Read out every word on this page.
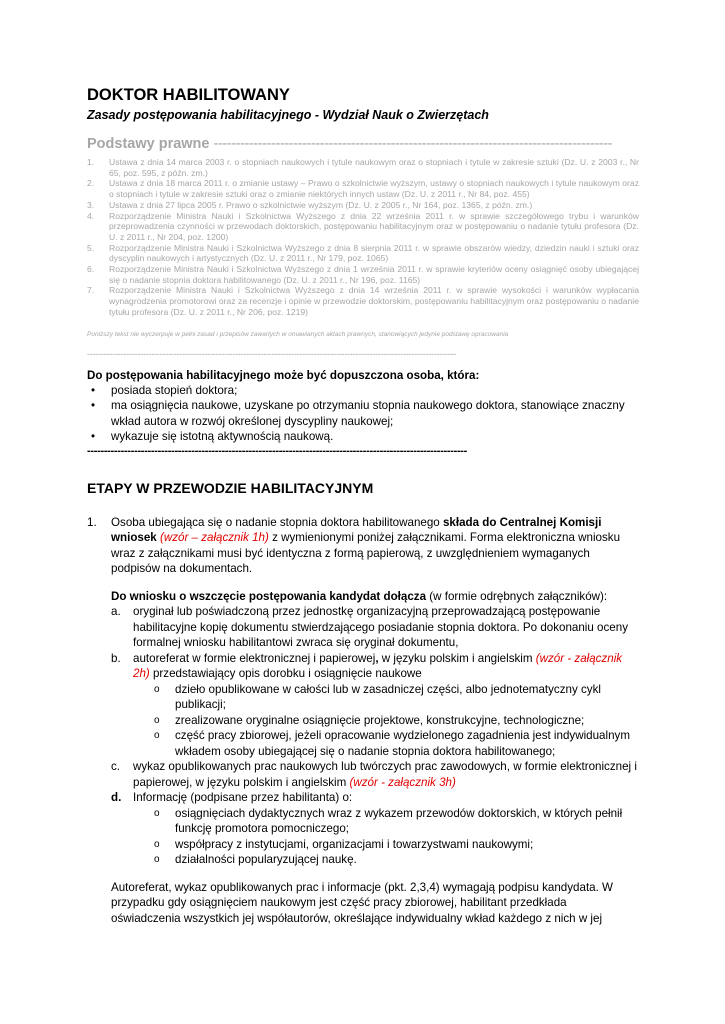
DOKTOR HABILITOWANY
Zasady postępowania habilitacyjnego - Wydział Nauk o Zwierzętach
Podstawy prawne ------------------------------------------------------------------------------------------
1. Ustawa z dnia 14 marca 2003 r. o stopniach naukowych i tytule naukowym oraz o stopniach i tytule w zakresie sztuki (Dz. U. z 2003 r., Nr 65, poz. 595, z późn. zm.)
2. Ustawa z dnia 18 marca 2011 r. o zmianie ustawy – Prawo o szkolnictwie wyższym, ustawy o stopniach naukowych i tytule naukowym oraz o stopniach i tytule w zakresie sztuki oraz o zmianie niektórych innych ustaw (Dz. U. z 2011 r., Nr 84, poz. 455)
3. Ustawa z dnia 27 lipca 2005 r. Prawo o szkolnictwie wyższym (Dz. U. z 2005 r., Nr 164, poz. 1365, z późn. zm.)
4. Rozporządzenie Ministra Nauki i Szkolnictwa Wyższego z dnia 22 września 2011 r. w sprawie szczegółowego trybu i warunków przeprowadzenia czynności w przewodach doktorskich, postępowaniu habilitacyjnym oraz w postępowaniu o nadanie tytułu profesora (Dz. U. z 2011 r., Nr 204, poz. 1200)
5. Rozporządzenie Ministra Nauki i Szkolnictwa Wyższego z dnia 8 sierpnia 2011 r. w sprawie obszarów wiedzy, dziedzin nauki i sztuki oraz dyscyplin naukowych i artystycznych (Dz. U. z 2011 r., Nr 179, poz. 1065)
6. Rozporządzenie Ministra Nauki i Szkolnictwa Wyższego z dnia 1 września 2011 r. w sprawie kryteriów oceny osiągnięć osoby ubiegającej się o nadanie stopnia doktora habilitowanego (Dz. U. z 2011 r., Nr 196, poz. 1165)
7. Rozporządzenie Ministra Nauki i Szkolnictwa Wyższego z dnia 14 września 2011 r. w sprawie wysokości i warunków wypłacania wynagrodzenia promotorowi oraz za recenzje i opinie w przewodzie doktorskim, postępowaniu habilitacyjnym oraz postępowaniu o nadanie tytułu profesora (Dz. U. z 2011 r., Nr 206, poz. 1219)
Poniższy tekst nie wyczerpuje w pełni zasad i przepisów zawartych w omawianych aktach prawnych, stanowiących jedynie podstawę opracowania
------------------------------------------------------------------------------------------------------------------------------------
Do postępowania habilitacyjnego może być dopuszczona osoba, która:
• posiada stopień doktora;
• ma osiągnięcia naukowe, uzyskane po otrzymaniu stopnia naukowego doktora, stanowiące znaczny wkład autora w rozwój określonej dyscypliny naukowej;
• wykazuje się istotną aktywnością naukową.
-----------------------------------------------------------------------------------------------------------------
ETAPY W PRZEWODZIE HABILITACYJNYM
1. Osoba ubiegająca się o nadanie stopnia doktora habilitowanego składa do Centralnej Komisji wniosek (wzór – załącznik 1h) z wymienionymi poniżej załącznikami. Forma elektroniczna wniosku wraz z załącznikami musi być identyczna z formą papierową, z uwzględnieniem wymaganych podpisów na dokumentach.
Do wniosku o wszczęcie postępowania kandydat dołącza (w formie odrębnych załączników):
a. oryginał lub poświadczoną przez jednostkę organizacyjną przeprowadzającą postępowanie habilitacyjne kopię dokumentu stwierdzającego posiadanie stopnia doktora. Po dokonaniu oceny formalnej wniosku habilitantowi zwraca się oryginał dokumentu,
b. autoreferat w formie elektronicznej i papierowej, w języku polskim i angielskim (wzór - załącznik 2h) przedstawiający opis dorobku i osiągnięcie naukowe
o dzieło opublikowane w całości lub w zasadniczej części, albo jednotematyczny cykl publikacji;
o zrealizowane oryginalne osiągnięcie projektowe, konstrukcyjne, technologiczne;
o część pracy zbiorowej, jeżeli opracowanie wydzielonego zagadnienia jest indywidualnym wkładem osoby ubiegającej się o nadanie stopnia doktora habilitowanego;
c. wykaz opublikowanych prac naukowych lub twórczych prac zawodowych, w formie elektronicznej i papierowej, w języku polskim i angielskim (wzór - załącznik 3h)
d. Informację (podpisane przez habilitanta) o:
o osiągnięciach dydaktycznych wraz z wykazem przewodów doktorskich, w których pełnił funkcję promotora pomocniczego;
o współpracy z instytucjami, organizacjami i towarzystwami naukowymi;
o działalności popularyzującej naukę.
Autoreferat, wykaz opublikowanych prac i informacje (pkt. 2,3,4) wymagają podpisu kandydata. W przypadku gdy osiągnięciem naukowym jest część pracy zbiorowej, habilitant przedkłada oświadczenia wszystkich jej współautorów, określające indywidualny wkład każdego z nich w jej
